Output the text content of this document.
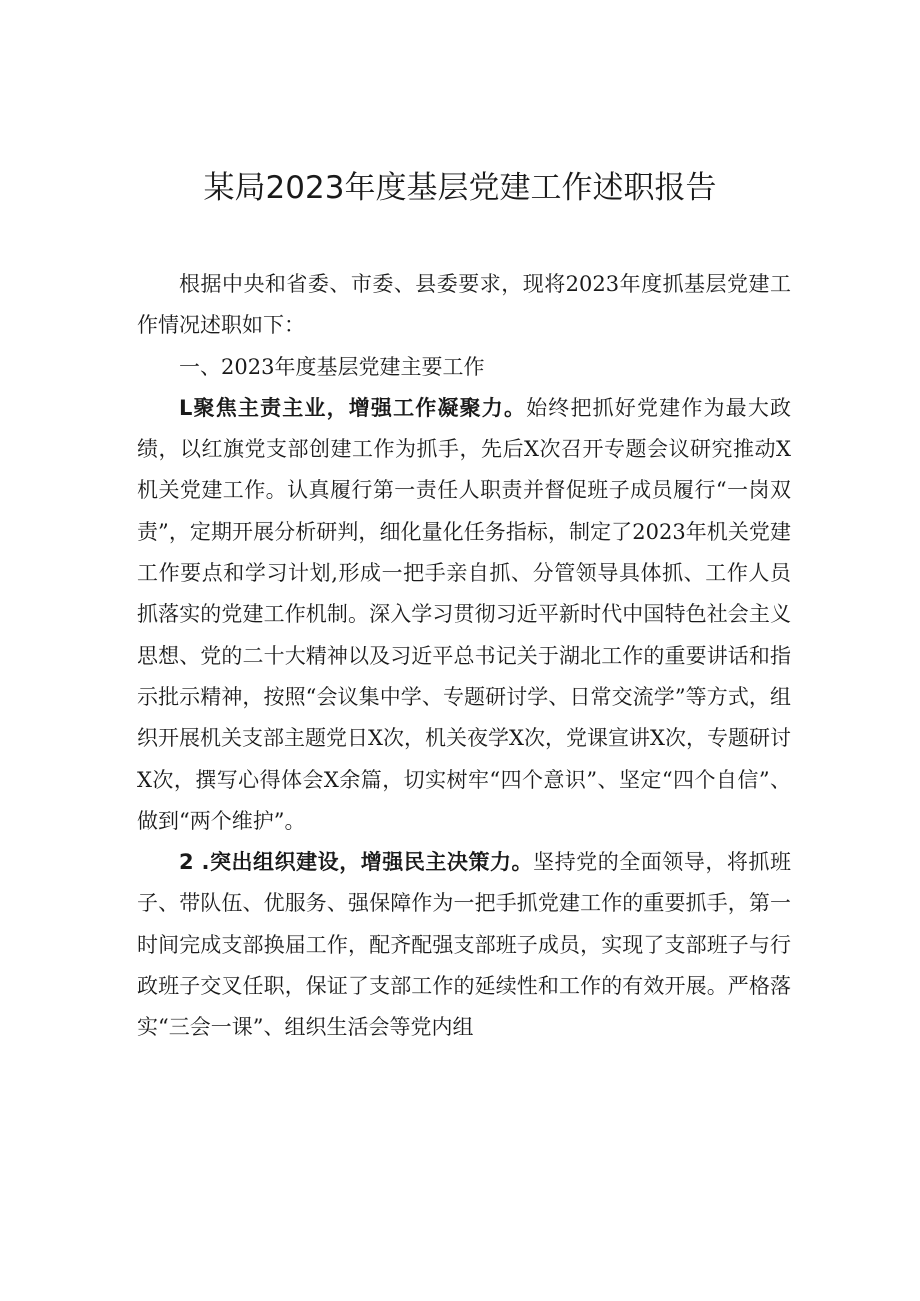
某局2023年度基层党建工作述职报告

根据中央和省委、市委、县委要求，现将2023年度抓基层党建工作情况述职如下：

一、2023年度基层党建主要工作

L聚焦主责主业，增强工作凝聚力。始终把抓好党建作为最大政绩，以红旗党支部创建工作为抓手，先后X次召开专题会议研究推动X机关党建工作。认真履行第一责任人职责并督促班子成员履行“一岗双责”，定期开展分析研判，细化量化任务指标，制定了2023年机关党建工作要点和学习计划,形成一把手亲自抓、分管领导具体抓、工作人员抓落实的党建工作机制。深入学习贯彻习近平新时代中国特色社会主义思想、党的二十大精神以及习近平总书记关于湖北工作的重要讲话和指示批示精神，按照“会议集中学、专题研讨学、日常交流学”等方式，组织开展机关支部主题党日X次，机关夜学X次，党课宣讲X次，专题研讨X次，撰写心得体会X余篇，切实树牢“四个意识”、坚定“四个自信”、做到“两个维护”。

2 .突出组织建设，增强民主决策力。坚持党的全面领导，将抓班子、带队伍、优服务、强保障作为一把手抓党建工作的重要抓手，第一时间完成支部换届工作，配齐配强支部班子成员，实现了支部班子与行政班子交叉任职，保证了支部工作的延续性和工作的有效开展。严格落实“三会一课”、组织生活会等党内组
